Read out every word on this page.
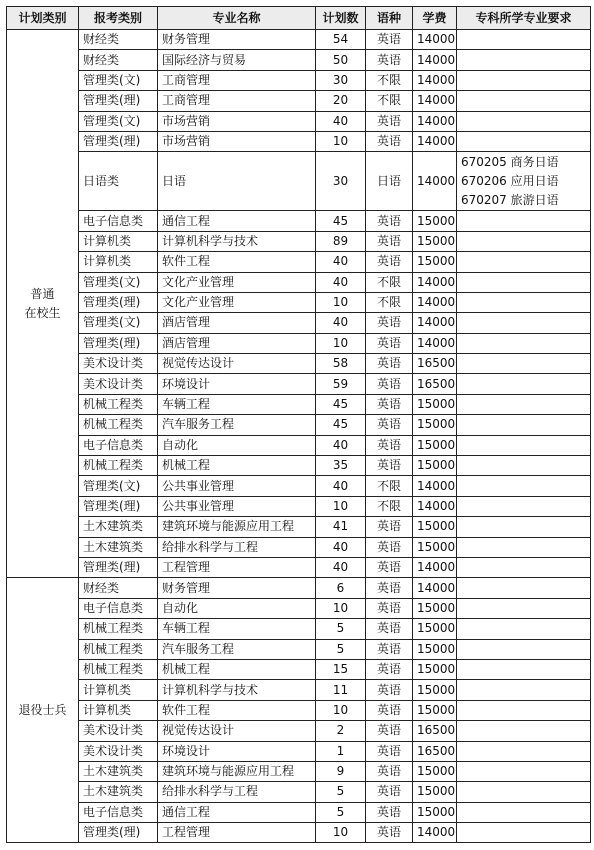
计划类别	报考类别	专业名称	计划数	语种	学费	专科所学专业要求

普通
在校生	财经类	财务管理	54	英语	14000	
	财经类	国际经济与贸易	50	英语	14000	
	管理类(文)	工商管理	30	不限	14000	
	管理类(理)	工商管理	20	不限	14000	
	管理类(文)	市场营销	40	英语	14000	
	管理类(理)	市场营销	10	英语	14000	
	日语类	日语	30	日语	14000	670205 商务日语
670206 应用日语
670207 旅游日语

	电子信息类	通信工程	45	英语	15000	
	计算机类	计算机科学与技术	89	英语	15000	
	计算机类	软件工程	40	英语	15000	
	管理类(文)	文化产业管理	40	不限	14000	
	管理类(理)	文化产业管理	10	不限	14000	
	管理类(文)	酒店管理	40	英语	14000	
	管理类(理)	酒店管理	10	英语	14000	
	美术设计类	视觉传达设计	58	英语	16500	
	美术设计类	环境设计	59	英语	16500	
	机械工程类	车辆工程	45	英语	15000	
	机械工程类	汽车服务工程	45	英语	15000	
	电子信息类	自动化	40	英语	15000	
	机械工程类	机械工程	35	英语	15000	
	管理类(文)	公共事业管理	40	不限	14000	
	管理类(理)	公共事业管理	10	不限	14000	
	土木建筑类	建筑环境与能源应用工程	41	英语	15000	
	土木建筑类	给排水科学与工程	40	英语	15000	
	管理类(理)	工程管理	40	英语	14000	

退役士兵	财经类	财务管理	6	英语	14000	
	电子信息类	自动化	10	英语	15000	
	机械工程类	车辆工程	5	英语	15000	
	机械工程类	汽车服务工程	5	英语	15000	
	机械工程类	机械工程	15	英语	15000	
	计算机类	计算机科学与技术	11	英语	15000	
	计算机类	软件工程	10	英语	15000	
	美术设计类	视觉传达设计	2	英语	16500	
	美术设计类	环境设计	1	英语	16500	
	土木建筑类	建筑环境与能源应用工程	9	英语	15000	
	土木建筑类	给排水科学与工程	5	英语	15000	
	电子信息类	通信工程	5	英语	15000	
	管理类(理)	工程管理	10	英语	14000	
